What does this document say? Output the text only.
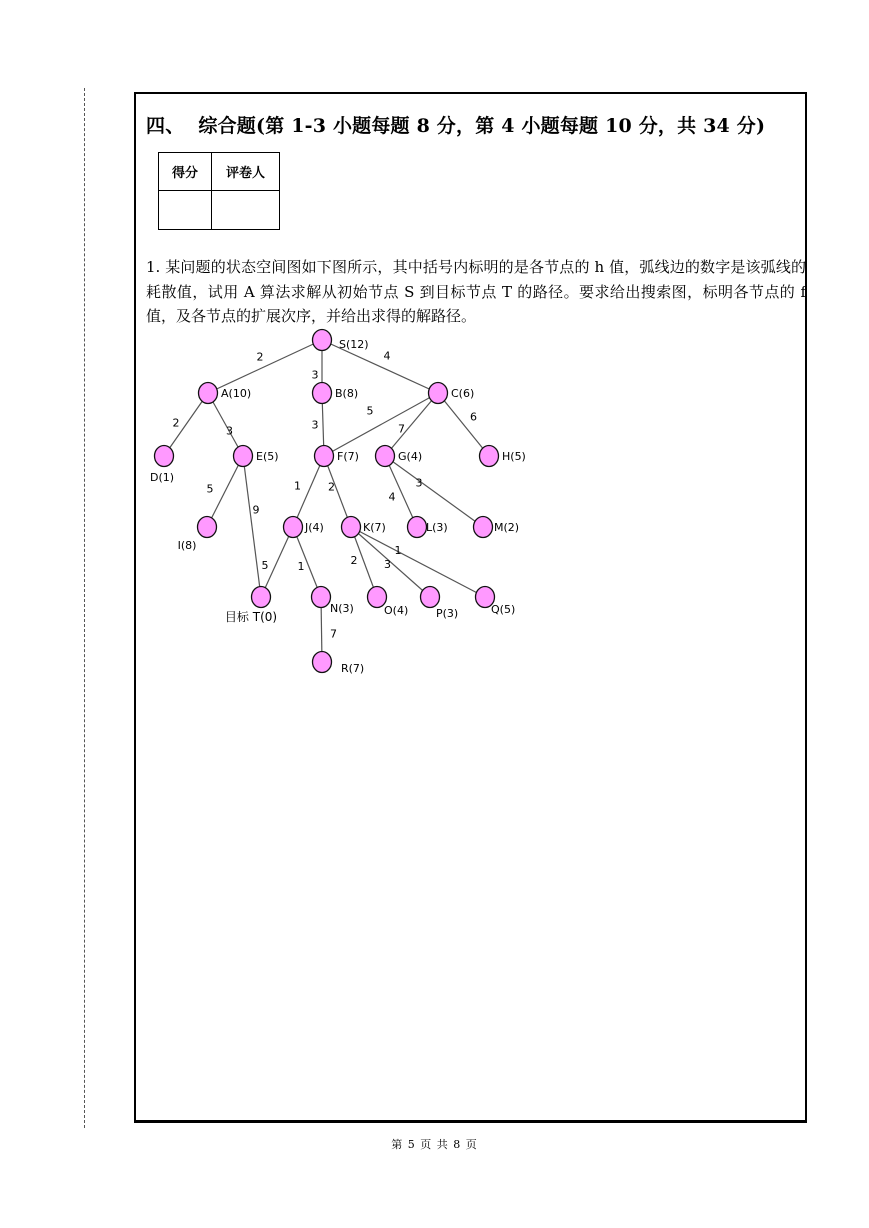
四、 综合题(第 1-3 小题每题 8 分，第 4 小题每题 10 分，共 34 分)
得分	评卷人

1. 某问题的状态空间图如下图所示，其中括号内标明的是各节点的 h 值，弧线边的数字是该弧线的耗散值，试用 A 算法求解从初始节点 S 到目标节点 T 的路径。要求给出搜索图，标明各节点的 f 值，及各节点的扩展次序，并给出求得的解路径。

2
3
4
2
3	3
5
7
6
5
9
1 2
4
3
5	1	2 3
1
7
S(12)
A(10)	B(8)	C(6)
D(1)
E(5)	F(7)	G(4)	H(5)
I(8)
J(4)	K(7)	L(3)	M(2)
目标 T(0)
N(3)	O(4)	P(3)	Q(5)
R(7)
第 5 页 共 8 页
